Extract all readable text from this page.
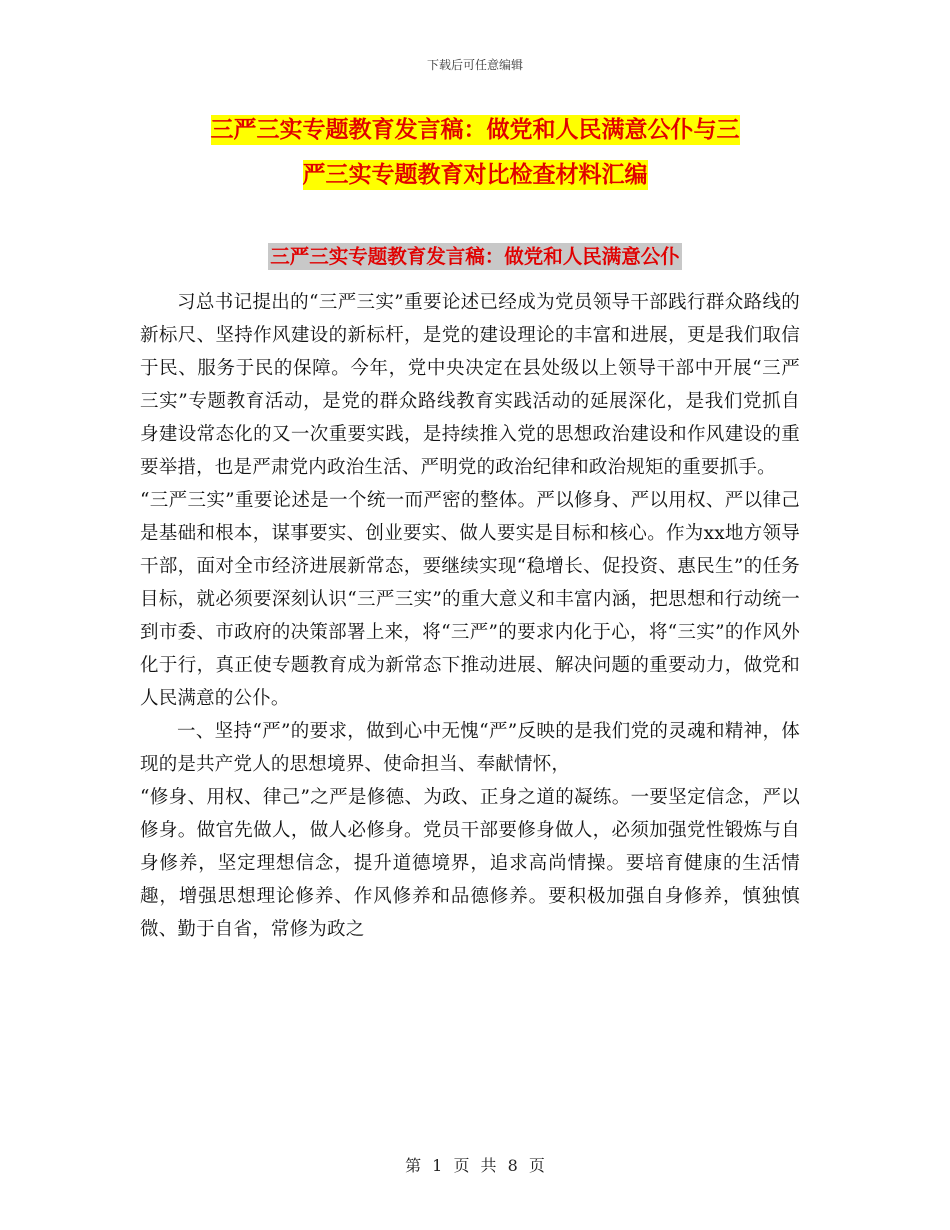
下载后可任意编辑
三严三实专题教育发言稿：做党和人民满意公仆与三
严三实专题教育对比检查材料汇编
三严三实专题教育发言稿：做党和人民满意公仆

习总书记提出的“三严三实”重要论述已经成为党员领导干部践行群众路线的新标尺、坚持作风建设的新标杆，是党的建设理论的丰富和进展，更是我们取信于民、服务于民的保障。今年，党中央决定在县处级以上领导干部中开展“三严三实”专题教育活动，是党的群众路线教育实践活动的延展深化，是我们党抓自身建设常态化的又一次重要实践，是持续推入党的思想政治建设和作风建设的重要举措，也是严肃党内政治生活、严明党的政治纪律和政治规矩的重要抓手。

“三严三实”重要论述是一个统一而严密的整体。严以修身、严以用权、严以律己是基础和根本，谋事要实、创业要实、做人要实是目标和核心。作为xx地方领导干部，面对全市经济进展新常态，要继续实现“稳增长、促投资、惠民生”的任务目标，就必须要深刻认识“三严三实”的重大意义和丰富内涵，把思想和行动统一到市委、市政府的决策部署上来，将“三严”的要求内化于心，将“三实”的作风外化于行，真正使专题教育成为新常态下推动进展、解决问题的重要动力，做党和人民满意的公仆。

一、坚持“严”的要求，做到心中无愧“严”反映的是我们党的灵魂和精神，体现的是共产党人的思想境界、使命担当、奉献情怀，

“修身、用权、律己”之严是修德、为政、正身之道的凝练。一要坚定信念，严以修身。做官先做人，做人必修身。党员干部要修身做人，必须加强党性锻炼与自身修养，坚定理想信念，提升道德境界，追求高尚情操。要培育健康的生活情趣，增强思想理论修养、作风修养和品德修养。要积极加强自身修养，慎独慎微、勤于自省，常修为政之

第 1 页 共 8 页
